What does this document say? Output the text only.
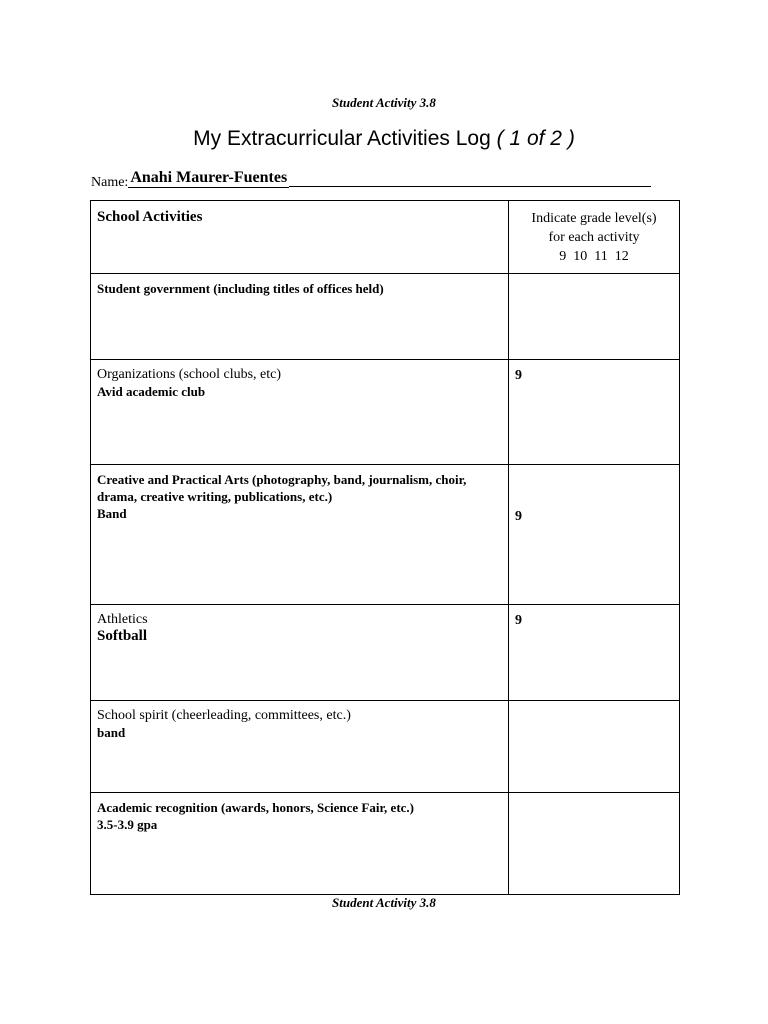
Student Activity 3.8
My Extracurricular Activities Log ( 1 of 2 )
Name: Anahi Maurer-Fuentes
School Activities	Indicate grade level(s)
for each activity
9  10  11  12

Student government (including titles of offices held)	

Organizations (school clubs, etc)
Avid academic club	9

Creative and Practical Arts (photography, band, journalism, choir, drama, creative writing, publications, etc.)
Band	9

Athletics
Softball	9

School spirit (cheerleading, committees, etc.)
band	

Academic recognition (awards, honors, Science Fair, etc.)
3.5-3.9 gpa	

Student Activity 3.8
